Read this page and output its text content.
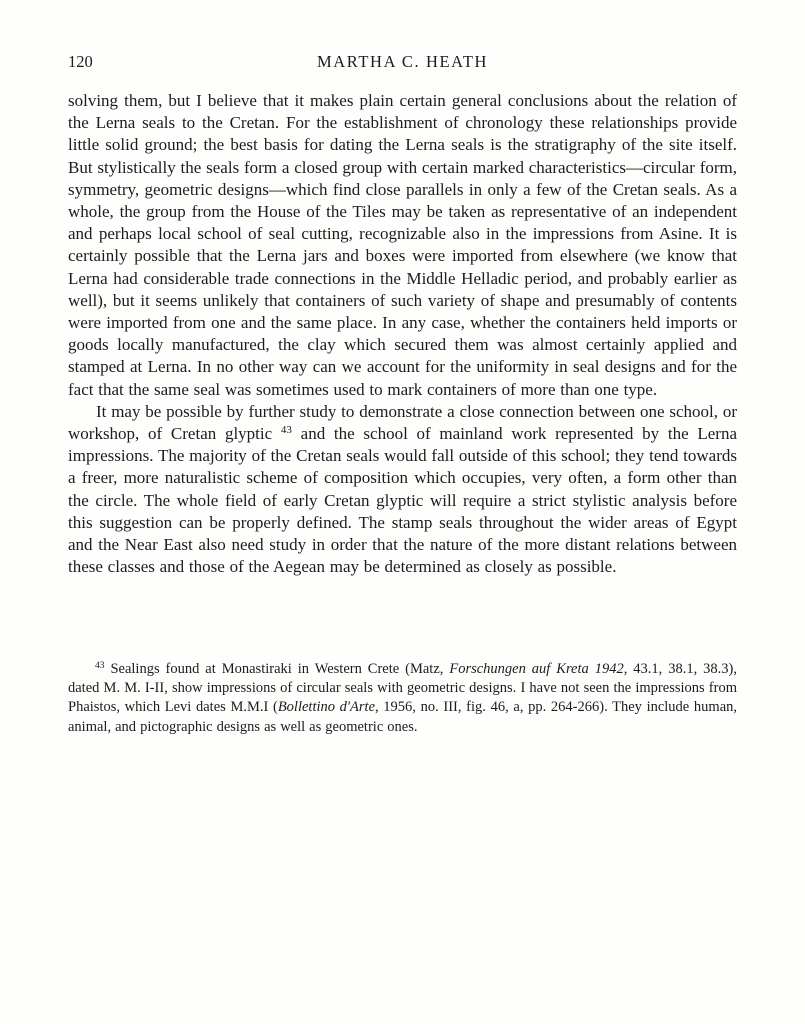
120	MARTHA C. HEATH

solving them, but I believe that it makes plain certain general conclusions about the relation of the Lerna seals to the Cretan. For the establishment of chronology these relationships provide little solid ground; the best basis for dating the Lerna seals is the stratigraphy of the site itself. But stylistically the seals form a closed group with certain marked characteristics—circular form, symmetry, geometric designs—which find close parallels in only a few of the Cretan seals. As a whole, the group from the House of the Tiles may be taken as representative of an independent and perhaps local school of seal cutting, recognizable also in the impressions from Asine. It is certainly possible that the Lerna jars and boxes were imported from elsewhere (we know that Lerna had considerable trade connections in the Middle Helladic period, and probably earlier as well), but it seems unlikely that containers of such variety of shape and presumably of contents were imported from one and the same place. In any case, whether the containers held imports or goods locally manufactured, the clay which secured them was almost certainly applied and stamped at Lerna. In no other way can we account for the uniformity in seal designs and for the fact that the same seal was sometimes used to mark containers of more than one type.

It may be possible by further study to demonstrate a close connection between one school, or workshop, of Cretan glyptic $^{43}$ and the school of mainland work represented by the Lerna impressions. The majority of the Cretan seals would fall outside of this school; they tend towards a freer, more naturalistic scheme of composition which occupies, very often, a form other than the circle. The whole field of early Cretan glyptic will require a strict stylistic analysis before this suggestion can be properly defined. The stamp seals throughout the wider areas of Egypt and the Near East also need study in order that the nature of the more distant relations between these classes and those of the Aegean may be determined as closely as possible.

$^{43}$ Sealings found at Monastiraki in Western Crete (Matz, Forschungen auf Kreta 1942, 43.1, 38.1, 38.3), dated M. M. I-II, show impressions of circular seals with geometric designs. I have not seen the impressions from Phaistos, which Levi dates M.M.I (Bollettino d'Arte, 1956, no. III, fig. 46, a, pp. 264-266). They include human, animal, and pictographic designs as well as geometric ones.
